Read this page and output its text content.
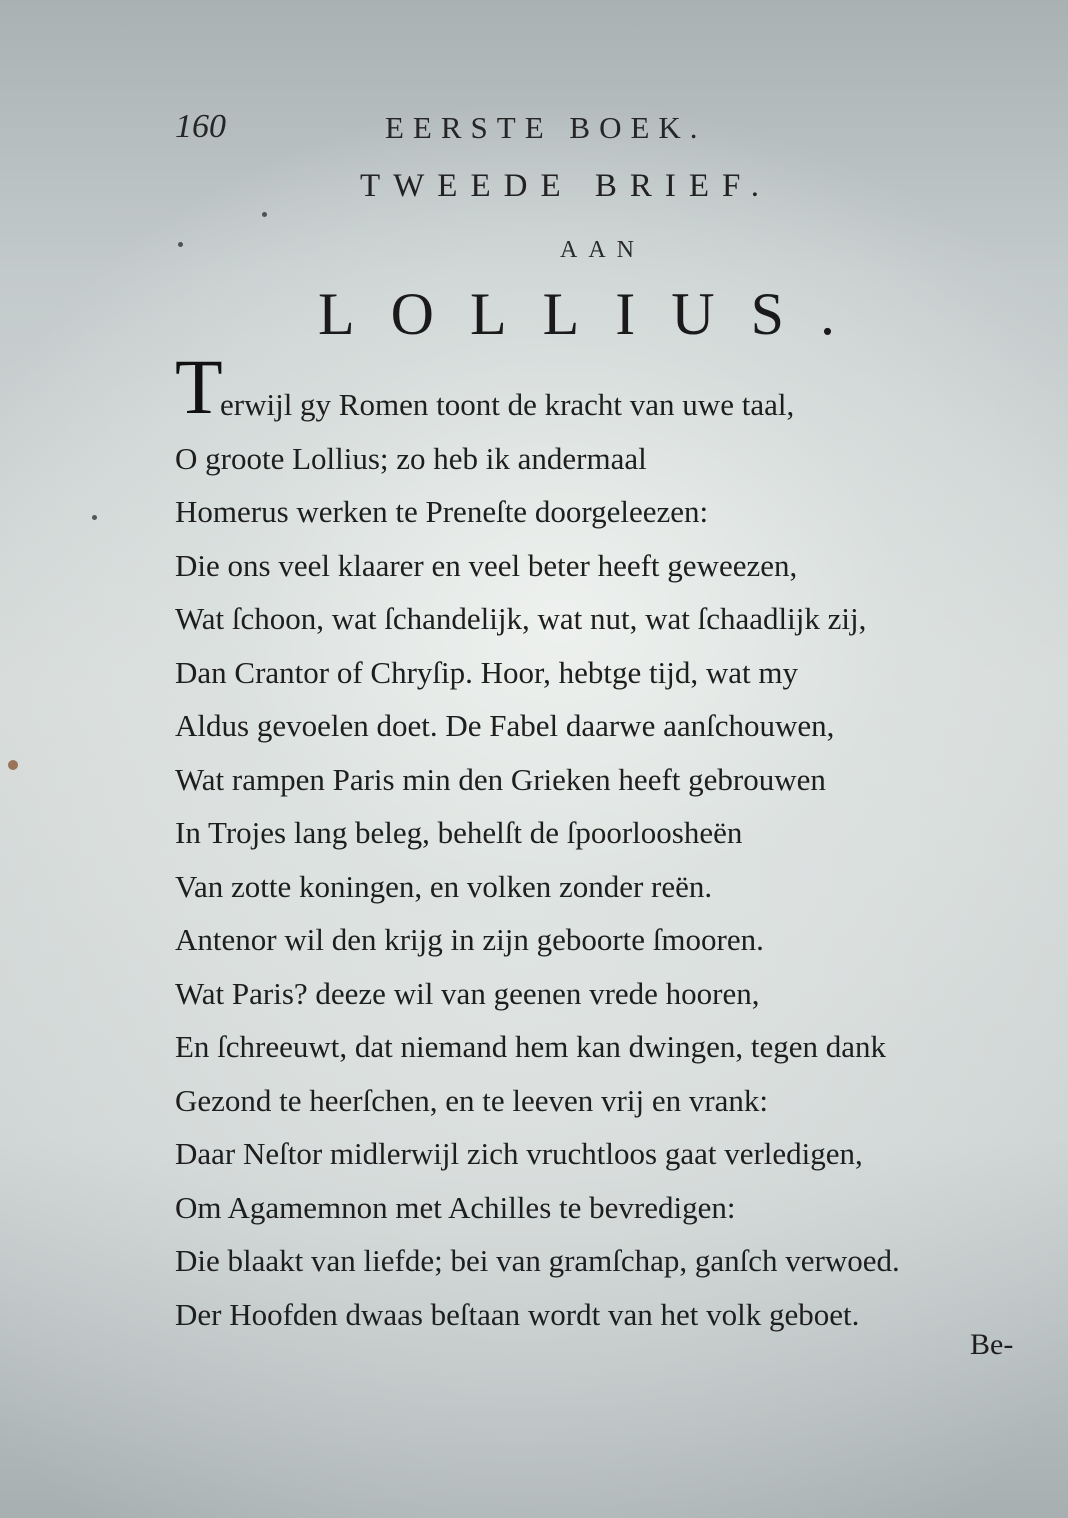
160	EERSTE BOEK.
TWEEDE BRIEF.
AAN
LOLLIUS.
T
erwijl gy Romen toont de kracht van uwe taal,
O groote Lollius; zo heb ik andermaal
Homerus werken te Preneſte doorgeleezen:
Die ons veel klaarer en veel beter heeft geweezen,
Wat ſchoon, wat ſchandelijk, wat nut, wat ſchaadlijk zij,
Dan Crantor of Chryſip. Hoor, hebtge tijd, wat my
Aldus gevoelen doet. De Fabel daarwe aanſchouwen,
Wat rampen Paris min den Grieken heeft gebrouwen
In Trojes lang beleg, behelſt de ſpoorlooshеën
Van zotte koningen, en volken zonder reën.
Antenor wil den krijg in zijn geboorte ſmooren.
Wat Paris? deeze wil van geenen vrede hooren,
En ſchreeuwt, dat niemand hem kan dwingen, tegen dank
Gezond te heerſchen, en te leeven vrij en vrank:
Daar Neſtor midlerwijl zich vruchtloos gaat verledigen,
Om Agamemnon met Achilles te bevredigen:
Die blaakt van liefde; bei van gramſchap, ganſch verwoed.
Der Hoofden dwaas beſtaan wordt van het volk geboet.
Be-
